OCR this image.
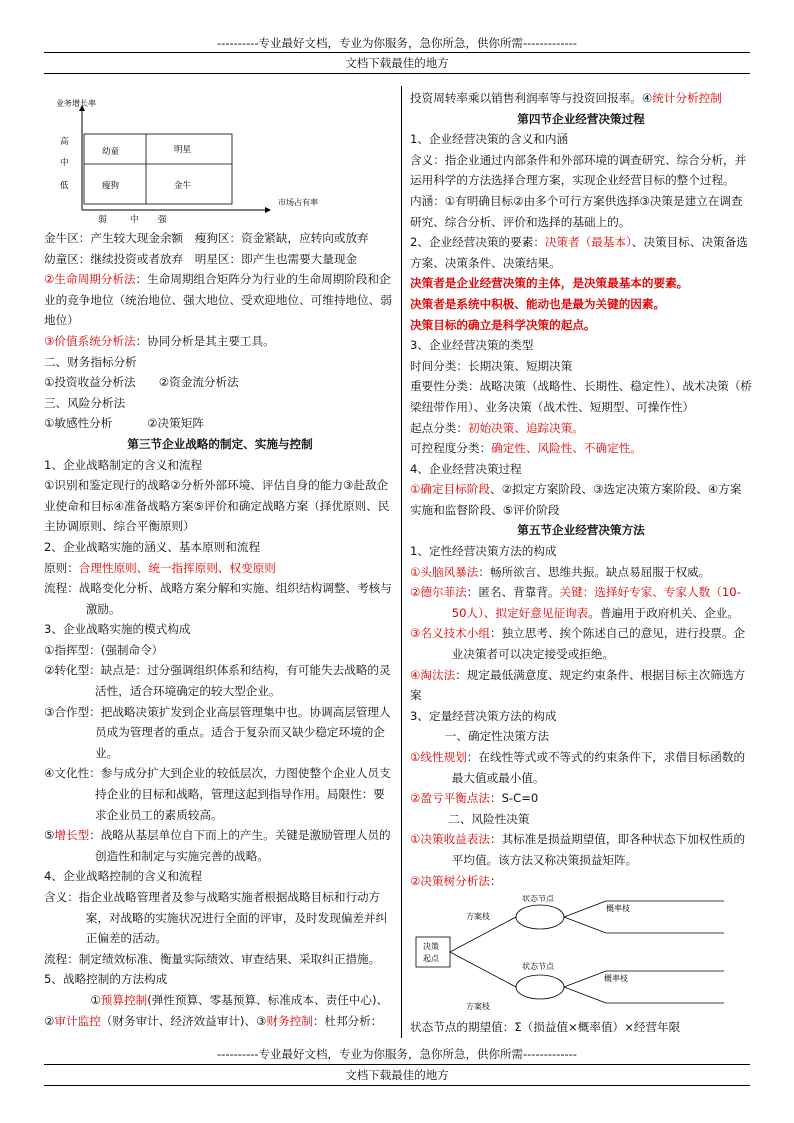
----------专业最好文档，专业为你服务，急你所急，供你所需-------------
文档下载最佳的地方
业务增长率
高
中
低
幼童	明星
瘦狗	金牛
市场占有率
弱	中 强

金牛区：产生较大现金余额　瘦狗区：资金紧缺，应转向或放弃

幼童区：继续投资或者放弃　明星区：即产生也需要大量现金

②生命周期分析法：生命周期组合矩阵分为行业的生命周期阶段和企业的竞争地位（统治地位、强大地位、受欢迎地位、可维持地位、弱地位）

③价值系统分析法：协同分析是其主要工具。

二、财务指标分析

①投资收益分析法　　②资金流分析法

三、风险分析法

①敏感性分析　　　②决策矩阵

第三节企业战略的制定、实施与控制

1、企业战略制定的含义和流程

①识别和鉴定现行的战略②分析外部环境、评估自身的能力③赴敌企业使命和目标④准备战略方案⑤评价和确定战略方案（择优原则、民主协调原则、综合平衡原则）

2、企业战略实施的涵义、基本原则和流程

原则：合理性原则、统一指挥原则、权变原则

流程：战略变化分析、战略方案分解和实施、组织结构调整、考核与激励。

3、企业战略实施的模式构成

①指挥型：(强制命令）

②转化型：缺点是：过分强调组织体系和结构，有可能失去战略的灵活性，适合环境确定的较大型企业。

③合作型：把战略决策扩发到企业高层管理集中也。协调高层管理人员成为管理者的重点。适合于复杂而又缺少稳定环境的企业。

④文化性：参与成分扩大到企业的较低层次，力图使整个企业人员支持企业的目标和战略，管理这起到指导作用。局限性：要求企业员工的素质较高。

⑤增长型：战略从基层单位自下而上的产生。关键是激励管理人员的创造性和制定与实施完善的战略。

4、企业战略控制的含义和流程

含义：指企业战略管理者及参与战略实施者根据战略目标和行动方案，对战略的实施状况进行全面的评审，及时发现偏差并纠正偏差的活动。

流程：制定绩效标准、衡量实际绩效、审查结果、采取纠正措施。

5、战略控制的方法构成

①预算控制(弹性预算、零基预算、标准成本、责任中心)、②审计监控（财务审计、经济效益审计)、③财务控制：杜邦分析：

投资周转率乘以销售利润率等与投资回报率。④统计分析控制

第四节企业经营决策过程

1、企业经营决策的含义和内涵

含义：指企业通过内部条件和外部环境的调查研究、综合分析，并运用科学的方法选择合理方案，实现企业经营目标的整个过程。

内涵：①有明确目标②由多个可行方案供选择③决策是建立在调查研究、综合分析、评价和选择的基础上的。

2、企业经营决策的要素：决策者（最基本）、决策目标、决策备选方案、决策条件、决策结果。

决策者是企业经营决策的主体，是决策最基本的要素。

决策者是系统中积极、能动也是最为关键的因素。

决策目标的确立是科学决策的起点。

3、企业经营决策的类型

时间分类：长期决策、短期决策

重要性分类：战略决策（战略性、长期性、稳定性）、战术决策（桥梁纽带作用）、业务决策（战术性、短期型、可操作性）

起点分类：初始决策、追踪决策。

可控程度分类：确定性、风险性、不确定性。

4、企业经营决策过程

①确定目标阶段、②拟定方案阶段、③选定决策方案阶段、④方案实施和监督阶段、⑤评价阶段

第五节企业经营决策方法

1、定性经营决策方法的构成

①头脑风暴法：畅所欲言、思维共振。缺点易屈服于权威。

②德尔菲法：匿名、背靠背。关键：选择好专家、专家人数（10-50人）、拟定好意见征询表。普遍用于政府机关、企业。

③名义技术小组：独立思考、挨个陈述自己的意见，进行投票。企业决策者可以决定接受或拒绝。

④淘汰法：规定最低满意度、规定约束条件、根据目标主次筛选方案

3、定量经营决策方法的构成

一、确定性决策方法

①线性规划：在线性等式或不等式的约束条件下，求借目标函数的最大值或最小值。

②盈亏平衡点法：S-C=0

二、风险性决策

①决策收益表法：其标准是损益期望值，即各种状态下加权性质的平均值。该方法又称决策损益矩阵。

②决策树分析法：

决策
起点
方案枝
方案枝
状态节点
状态节点
概率枝
概率枝

状态节点的期望值：Σ（损益值×概率值）×经营年限

----------专业最好文档，专业为你服务，急你所急，供你所需-------------
文档下载最佳的地方
